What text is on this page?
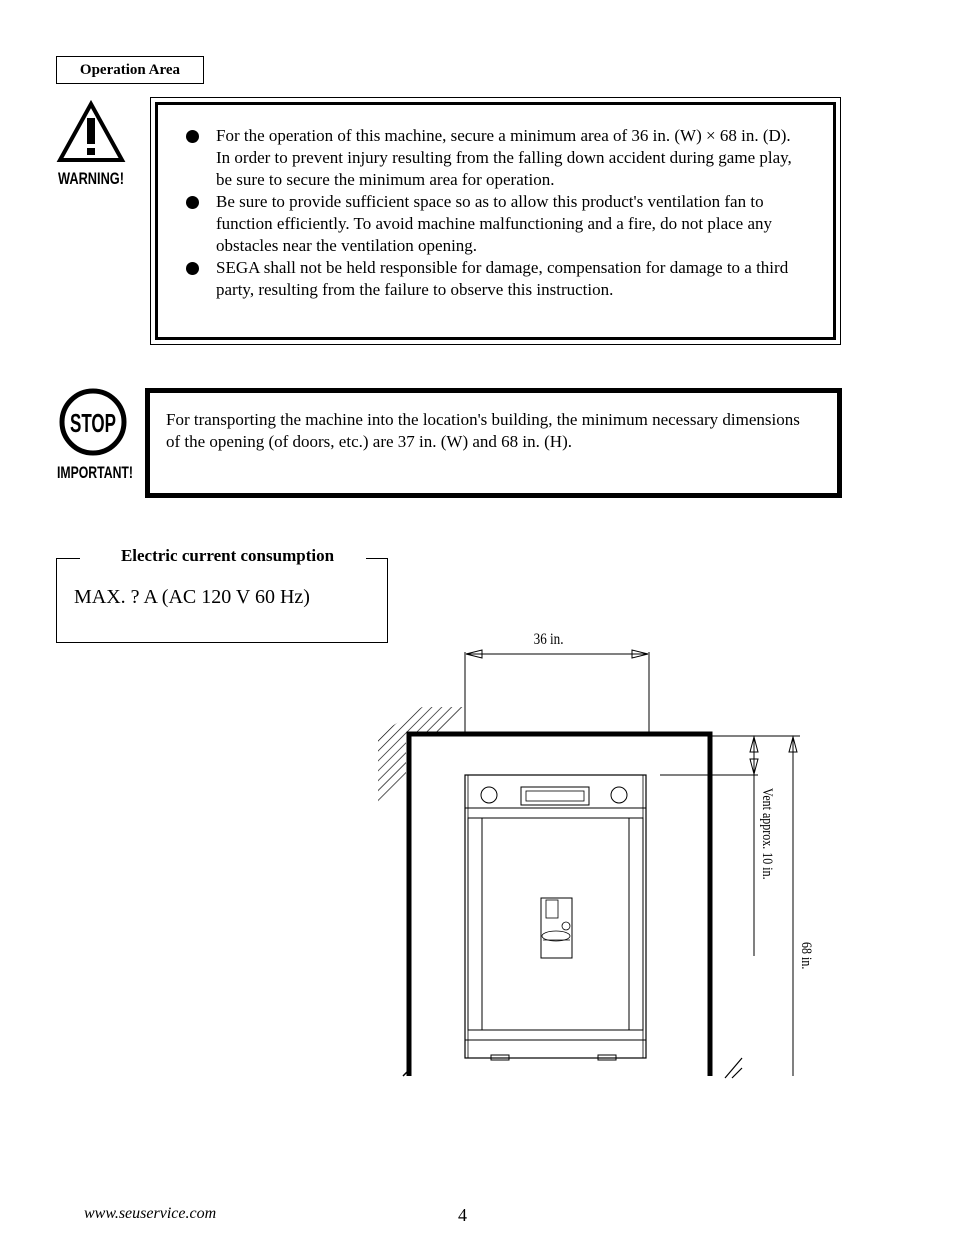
Operation Area
WARNING!
For the operation of this machine, secure a minimum area of 36 in. (W) × 68 in. (D). In order to prevent injury resulting from the falling down accident during game play, be sure to secure the minimum area for operation.
Be sure to provide sufficient space so as to allow this product's ventilation fan to function efficiently. To avoid machine malfunctioning and a fire, do not place any obstacles near the ventilation opening.
SEGA shall not be held responsible for damage, compensation for damage to a third party, resulting from the failure to observe this instruction.
STOP
IMPORTANT!
For transporting the machine into the location's building, the minimum necessary dimensions of the opening (of doors, etc.) are 37 in. (W) and 68 in. (H).
Electric current consumption
MAX. ? A (AC 120 V 60 Hz)
36 in.
Vent approx. 10 in.
68 in.
www.seuservice.com	4
